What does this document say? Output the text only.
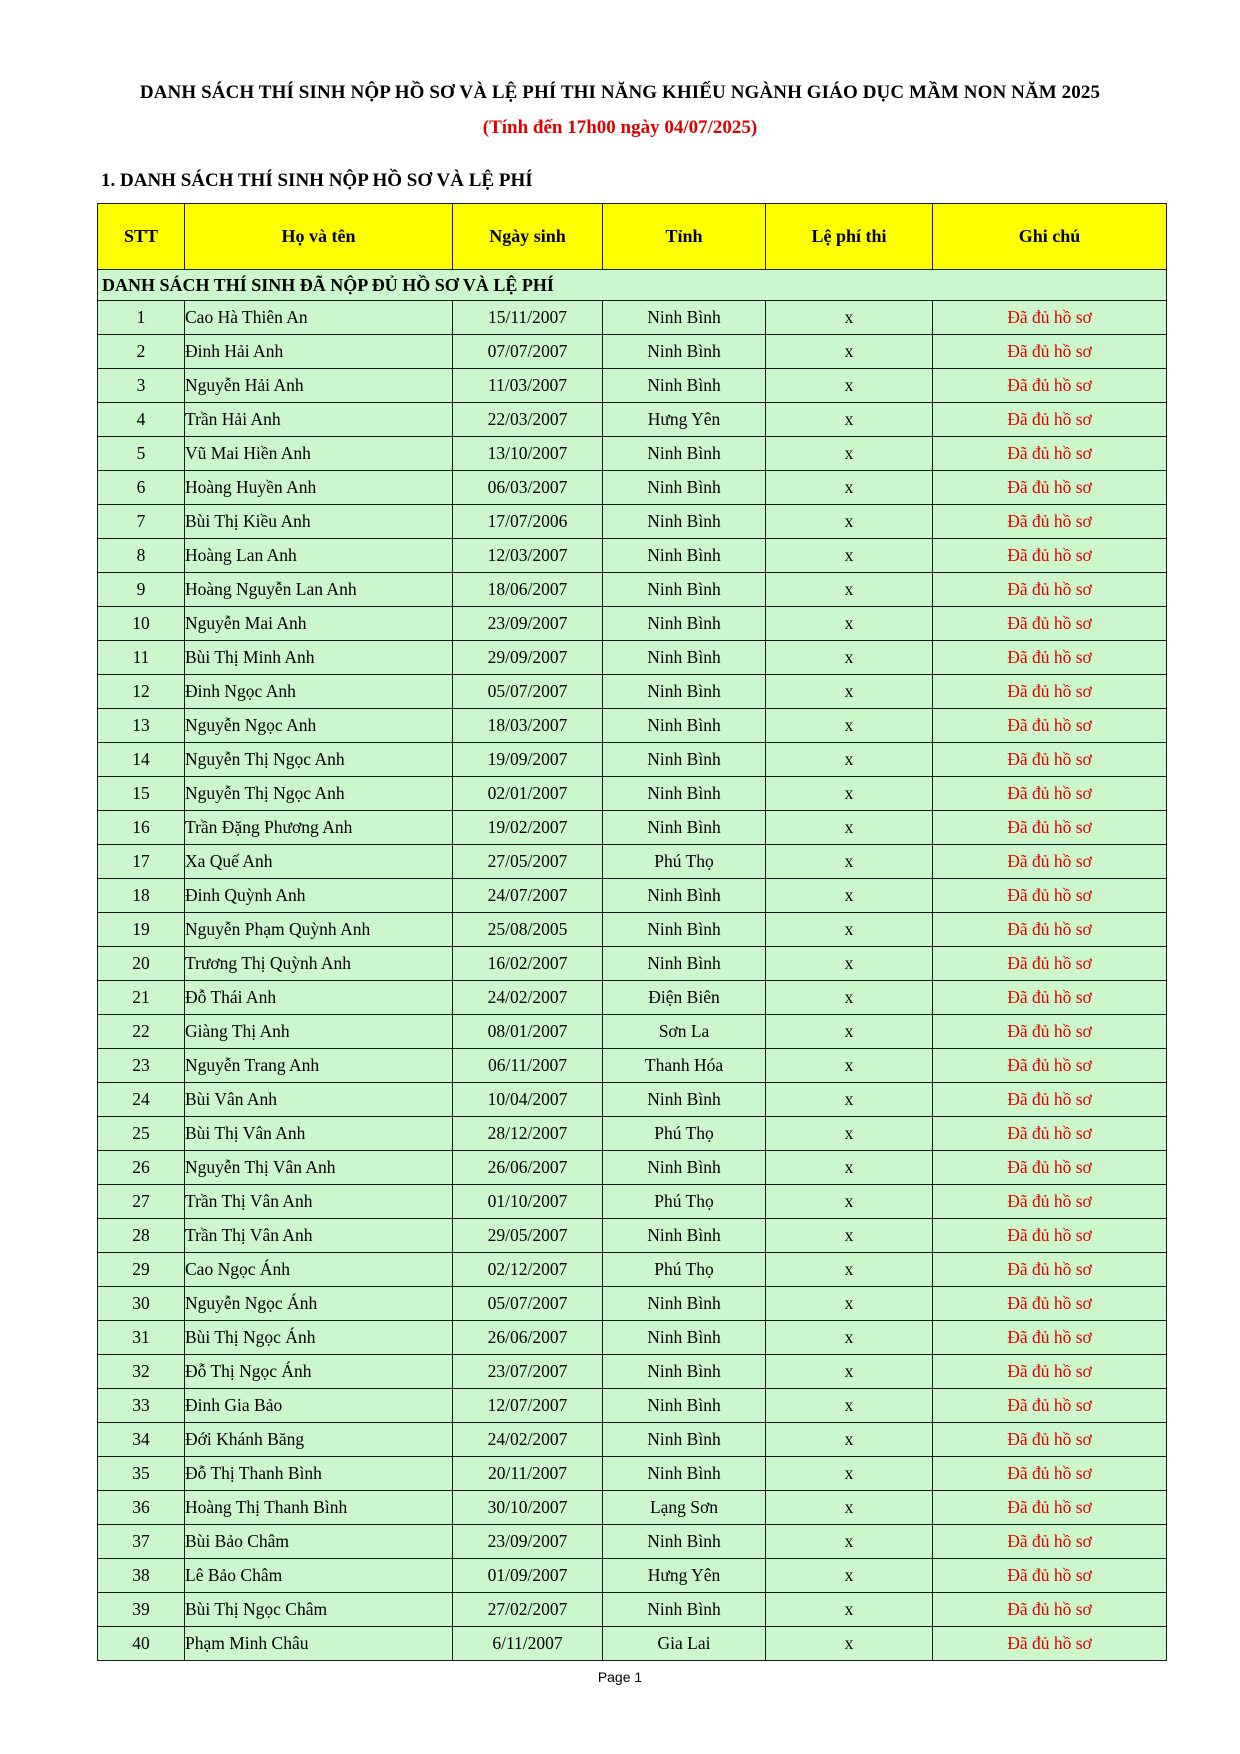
DANH SÁCH THÍ SINH NỘP HỒ SƠ VÀ LỆ PHÍ THI NĂNG KHIẾU NGÀNH GIÁO DỤC MẦM NON NĂM 2025
(Tính đến 17h00 ngày 04/07/2025)
1. DANH SÁCH THÍ SINH NỘP HỒ SƠ VÀ LỆ PHÍ
STT	Họ và tên	Ngày sinh	Tỉnh	Lệ phí thi	Ghi chú
DANH SÁCH THÍ SINH ĐÃ NỘP ĐỦ HỒ SƠ VÀ LỆ PHÍ					
1	Cao Hà Thiên An	15/11/2007	Ninh Bình	x	Đã đủ hồ sơ
2	Đinh Hải Anh	07/07/2007	Ninh Bình	x	Đã đủ hồ sơ
3	Nguyễn Hải Anh	11/03/2007	Ninh Bình	x	Đã đủ hồ sơ
4	Trần Hải Anh	22/03/2007	Hưng Yên	x	Đã đủ hồ sơ
5	Vũ Mai Hiền Anh	13/10/2007	Ninh Bình	x	Đã đủ hồ sơ
6	Hoàng Huyền Anh	06/03/2007	Ninh Bình	x	Đã đủ hồ sơ
7	Bùi Thị Kiều Anh	17/07/2006	Ninh Bình	x	Đã đủ hồ sơ
8	Hoàng Lan Anh	12/03/2007	Ninh Bình	x	Đã đủ hồ sơ
9	Hoàng Nguyễn Lan Anh	18/06/2007	Ninh Bình	x	Đã đủ hồ sơ
10	Nguyễn Mai Anh	23/09/2007	Ninh Bình	x	Đã đủ hồ sơ
11	Bùi Thị Minh Anh	29/09/2007	Ninh Bình	x	Đã đủ hồ sơ
12	Đinh Ngọc Anh	05/07/2007	Ninh Bình	x	Đã đủ hồ sơ
13	Nguyễn Ngọc Anh	18/03/2007	Ninh Bình	x	Đã đủ hồ sơ
14	Nguyễn Thị Ngọc Anh	19/09/2007	Ninh Bình	x	Đã đủ hồ sơ
15	Nguyễn Thị Ngọc Anh	02/01/2007	Ninh Bình	x	Đã đủ hồ sơ
16	Trần Đặng Phương Anh	19/02/2007	Ninh Bình	x	Đã đủ hồ sơ
17	Xa Quế Anh	27/05/2007	Phú Thọ	x	Đã đủ hồ sơ
18	Đinh Quỳnh Anh	24/07/2007	Ninh Bình	x	Đã đủ hồ sơ
19	Nguyễn Phạm Quỳnh Anh	25/08/2005	Ninh Bình	x	Đã đủ hồ sơ
20	Trương Thị Quỳnh Anh	16/02/2007	Ninh Bình	x	Đã đủ hồ sơ
21	Đỗ Thái Anh	24/02/2007	Điện Biên	x	Đã đủ hồ sơ
22	Giàng Thị Anh	08/01/2007	Sơn La	x	Đã đủ hồ sơ
23	Nguyễn Trang Anh	06/11/2007	Thanh Hóa	x	Đã đủ hồ sơ
24	Bùi Vân Anh	10/04/2007	Ninh Bình	x	Đã đủ hồ sơ
25	Bùi Thị Vân Anh	28/12/2007	Phú Thọ	x	Đã đủ hồ sơ
26	Nguyễn Thị Vân Anh	26/06/2007	Ninh Bình	x	Đã đủ hồ sơ
27	Trần Thị Vân Anh	01/10/2007	Phú Thọ	x	Đã đủ hồ sơ
28	Trần Thị Vân Anh	29/05/2007	Ninh Bình	x	Đã đủ hồ sơ
29	Cao Ngọc Ánh	02/12/2007	Phú Thọ	x	Đã đủ hồ sơ
30	Nguyễn Ngọc Ánh	05/07/2007	Ninh Bình	x	Đã đủ hồ sơ
31	Bùi Thị Ngọc Ánh	26/06/2007	Ninh Bình	x	Đã đủ hồ sơ
32	Đỗ Thị Ngọc Ánh	23/07/2007	Ninh Bình	x	Đã đủ hồ sơ
33	Đinh Gia Bảo	12/07/2007	Ninh Bình	x	Đã đủ hồ sơ
34	Đới Khánh Băng	24/02/2007	Ninh Bình	x	Đã đủ hồ sơ
35	Đỗ Thị Thanh Bình	20/11/2007	Ninh Bình	x	Đã đủ hồ sơ
36	Hoàng Thị Thanh Bình	30/10/2007	Lạng Sơn	x	Đã đủ hồ sơ
37	Bùi Bảo Châm	23/09/2007	Ninh Bình	x	Đã đủ hồ sơ
38	Lê Bảo Châm	01/09/2007	Hưng Yên	x	Đã đủ hồ sơ
39	Bùi Thị Ngọc Châm	27/02/2007	Ninh Bình	x	Đã đủ hồ sơ
40	Phạm Minh Châu	6/11/2007	Gia Lai	x	Đã đủ hồ sơ
Page 1
